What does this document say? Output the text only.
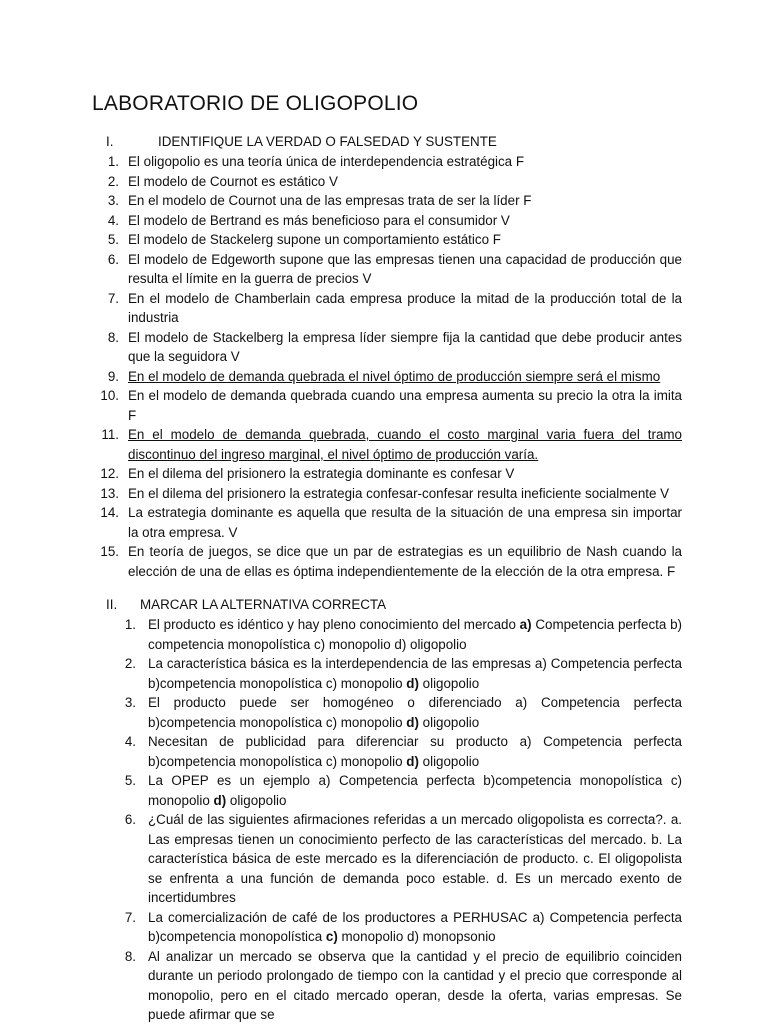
LABORATORIO DE OLIGOPOLIO
I.	IDENTIFIQUE LA VERDAD O FALSEDAD Y SUSTENTE
1. El oligopolio es una teoría única de interdependencia estratégica F
2. El modelo de Cournot es estático V
3. En el modelo de Cournot una de las empresas trata de ser la líder F
4. El modelo de Bertrand es más beneficioso para el consumidor V
5. El modelo de Stackelerg supone un comportamiento estático F
6. El modelo de Edgeworth supone que las empresas tienen una capacidad de producción que resulta el límite en la guerra de precios V
7. En el modelo de Chamberlain cada empresa produce la mitad de la producción total de la industria
8. El modelo de Stackelberg la empresa líder siempre fija la cantidad que debe producir antes que la seguidora V
9. En el modelo de demanda quebrada el nivel óptimo de producción siempre será el mismo
10. En el modelo de demanda quebrada cuando una empresa aumenta su precio la otra la imita F
11. En el modelo de demanda quebrada, cuando el costo marginal varia fuera del tramo discontinuo del ingreso marginal, el nivel óptimo de producción varía.
12. En el dilema del prisionero la estrategia dominante es confesar V
13. En el dilema del prisionero la estrategia confesar-confesar resulta ineficiente socialmente V
14. La estrategia dominante es aquella que resulta de la situación de una empresa sin importar la otra empresa. V
15. En teoría de juegos, se dice que un par de estrategias es un equilibrio de Nash cuando la elección de una de ellas es óptima independientemente de la elección de la otra empresa. F
II.	MARCAR LA ALTERNATIVA CORRECTA
1. El producto es idéntico y hay pleno conocimiento del mercado a) Competencia perfecta b) competencia monopolística c) monopolio d) oligopolio
2. La característica básica es la interdependencia de las empresas a) Competencia perfecta b)competencia monopolística c) monopolio d) oligopolio
3. El producto puede ser homogéneo o diferenciado a) Competencia perfecta b)competencia monopolística c) monopolio d) oligopolio
4. Necesitan de publicidad para diferenciar su producto a) Competencia perfecta b)competencia monopolística c) monopolio d) oligopolio
5. La OPEP es un ejemplo a) Competencia perfecta b)competencia monopolística c) monopolio d) oligopolio
6. ¿Cuál de las siguientes afirmaciones referidas a un mercado oligopolista es correcta?. a. Las empresas tienen un conocimiento perfecto de las características del mercado. b. La característica básica de este mercado es la diferenciación de producto. c. El oligopolista se enfrenta a una función de demanda poco estable. d. Es un mercado exento de incertidumbres
7. La comercialización de café de los productores a PERHUSAC a) Competencia perfecta b)competencia monopolística c) monopolio d) monopsonio
8. Al analizar un mercado se observa que la cantidad y el precio de equilibrio coinciden durante un periodo prolongado de tiempo con la cantidad y el precio que corresponde al monopolio, pero en el citado mercado operan, desde la oferta, varias empresas. Se puede afirmar que se
